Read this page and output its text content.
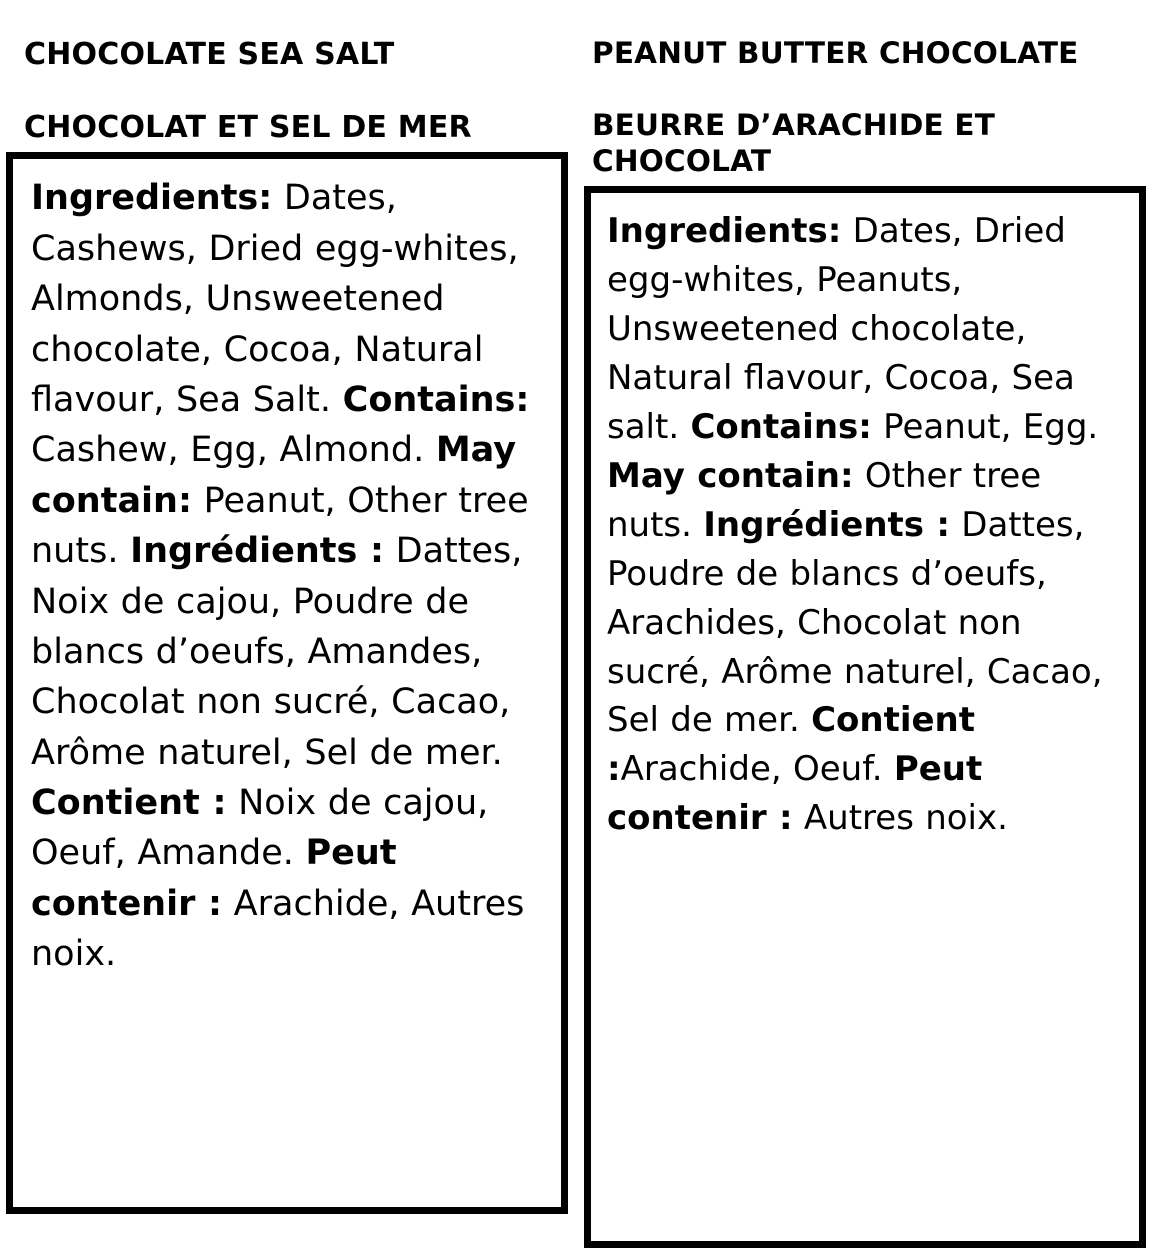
CHOCOLATE SEA SALT

CHOCOLAT ET SEL DE MER

Ingredients: Dates, Cashews, Dried egg-whites, Almonds, Unsweetened chocolate, Cocoa, Natural flavour, Sea Salt. Contains: Cashew, Egg, Almond. May contain: Peanut, Other tree nuts. Ingrédients : Dattes, Noix de cajou, Poudre de blancs d’oeufs, Amandes, Chocolat non sucré, Cacao, Arôme naturel, Sel de mer. Contient : Noix de cajou, Oeuf, Amande. Peut contenir : Arachide, Autres noix.

PEANUT BUTTER CHOCOLATE

BEURRE D’ARACHIDE ET CHOCOLAT

Ingredients: Dates, Dried egg-whites, Peanuts, Unsweetened chocolate, Natural flavour, Cocoa, Sea salt. Contains: Peanut, Egg. May contain: Other tree nuts. Ingrédients : Dattes, Poudre de blancs d’oeufs, Arachides, Chocolat non sucré, Arôme naturel, Cacao, Sel de mer. Contient :Arachide, Oeuf. Peut contenir : Autres noix.
